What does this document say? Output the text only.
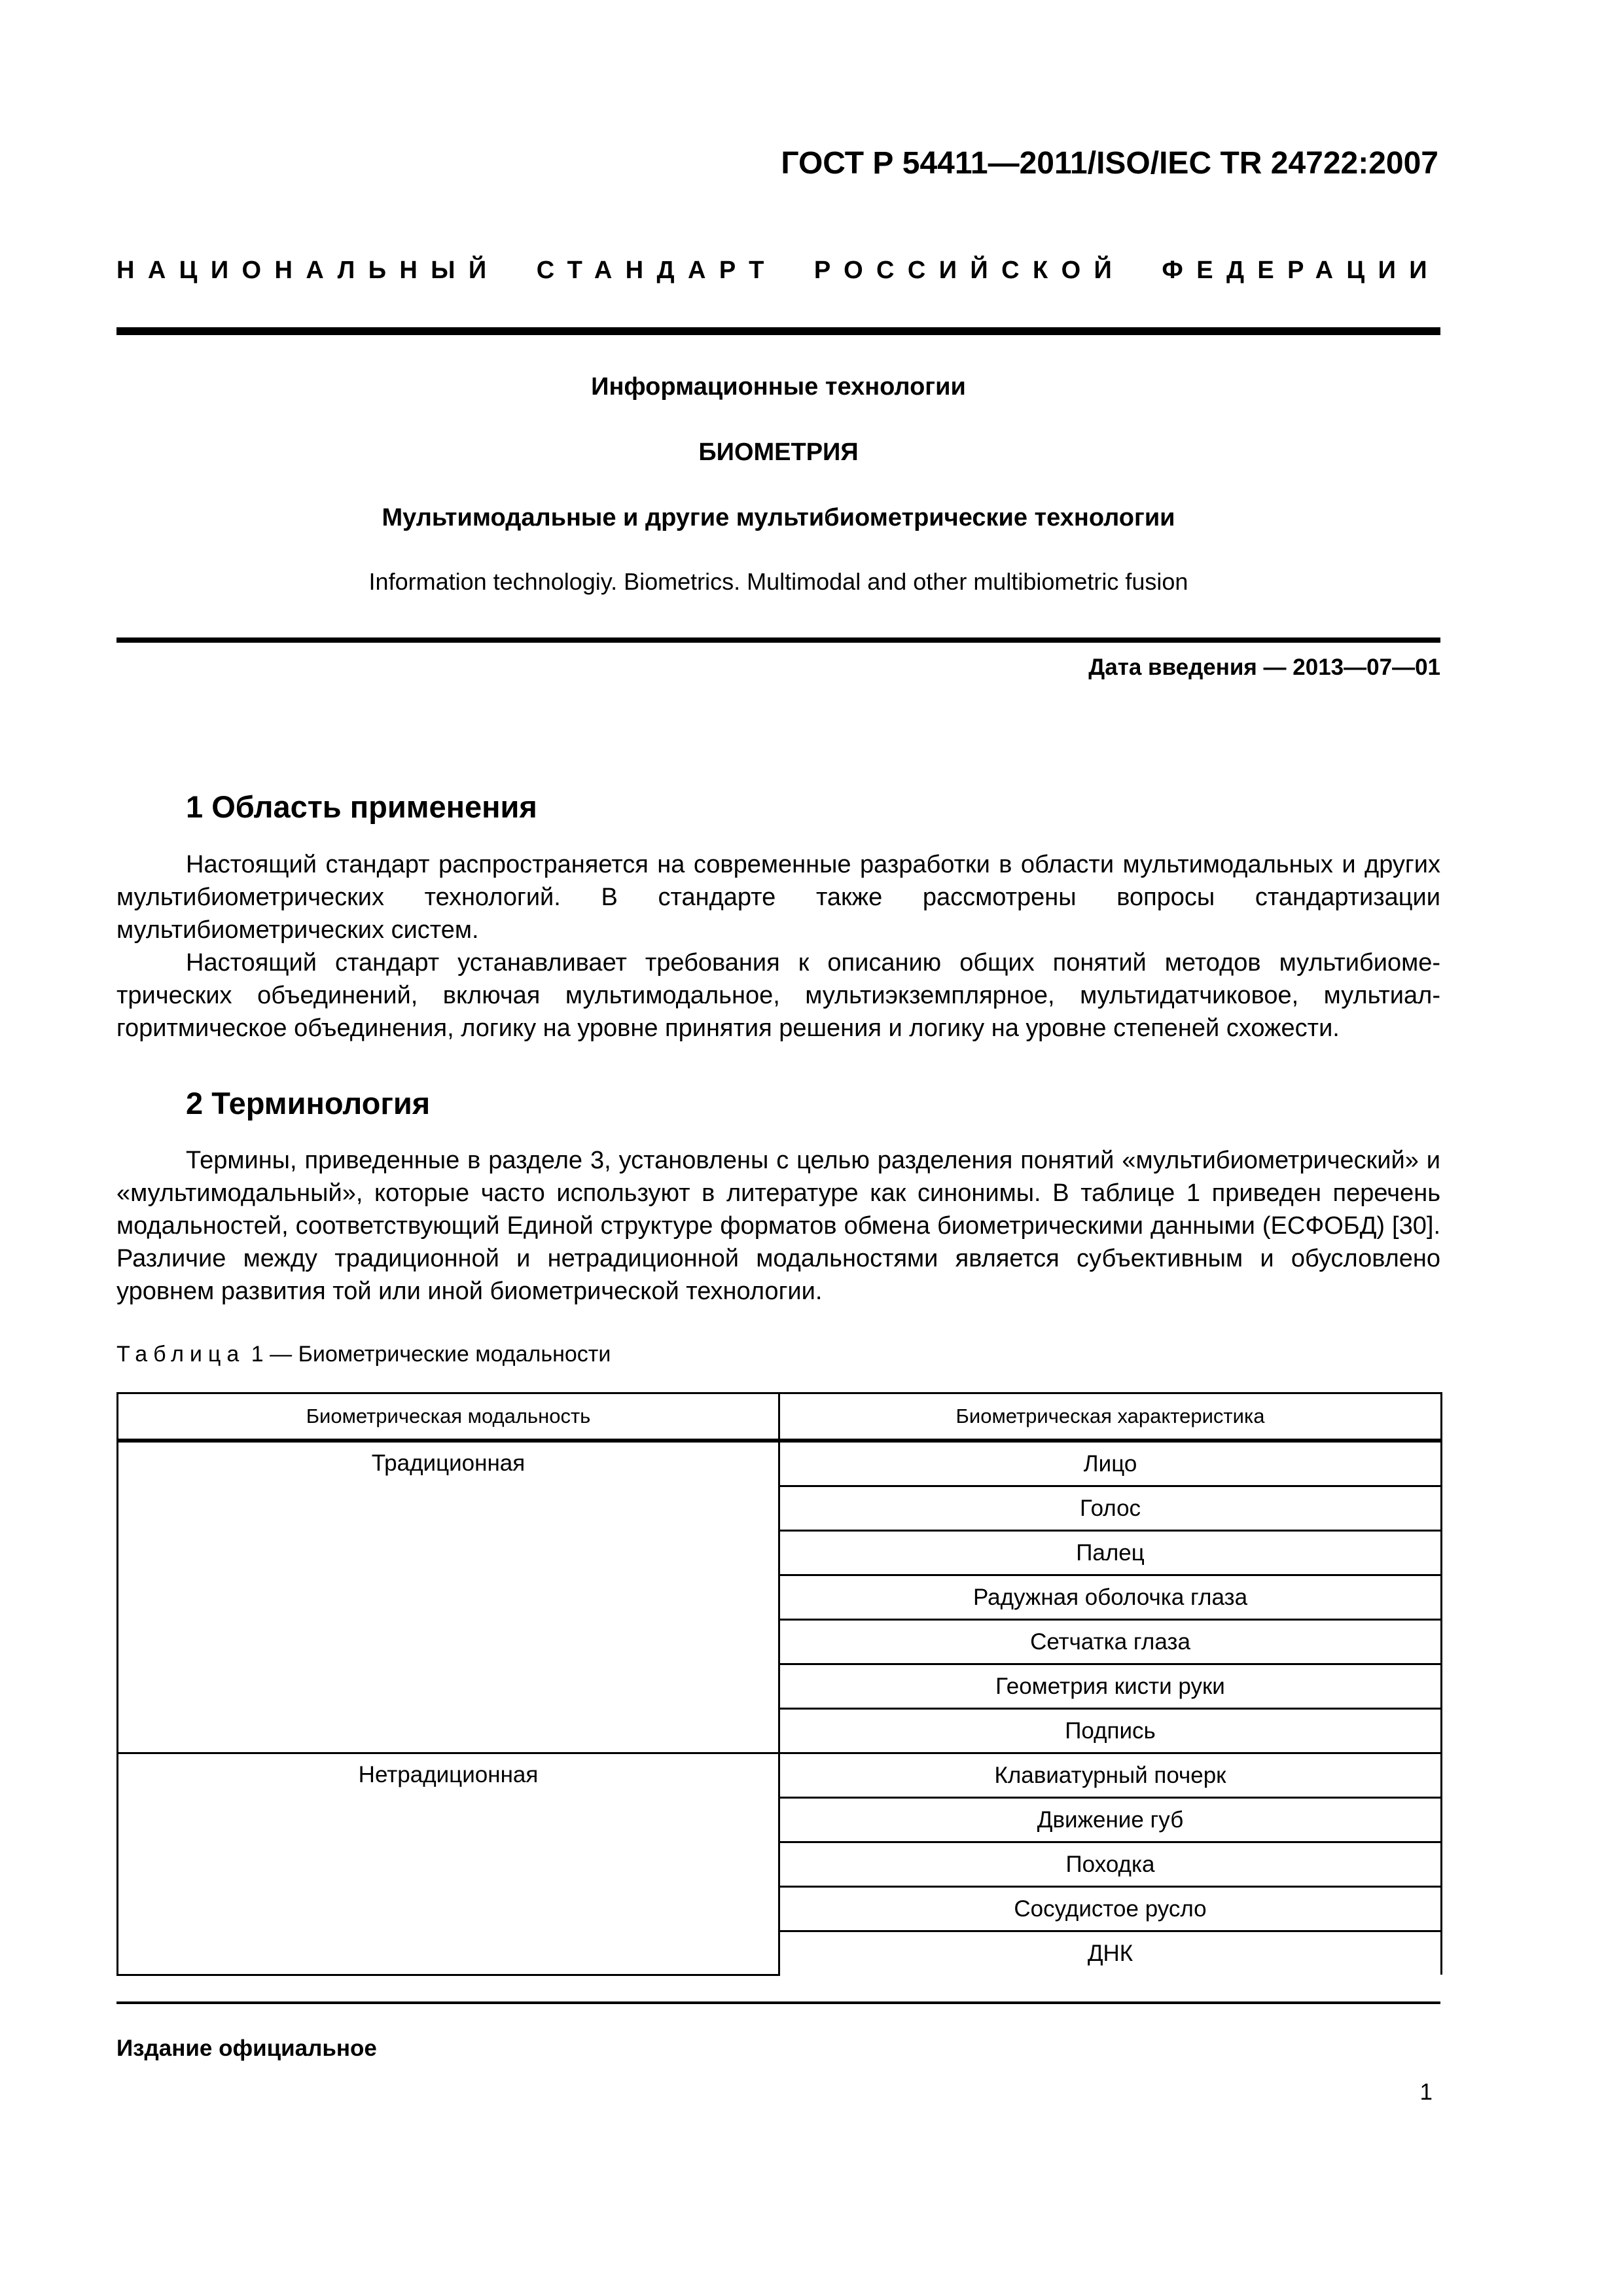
ГОСТ Р 54411—2011/ISO/IEC TR 24722:2007
НАЦИОНАЛЬНЫЙ СТАНДАРТ РОССИЙСКОЙ ФЕДЕРАЦИИ
Информационные технологии
БИОМЕТРИЯ
Мультимодальные и другие мультибиометрические технологии
Information technologiy. Biometrics. Multimodal and other multibiometric fusion
Дата введения — 2013—07—01
1 Область применения

Настоящий стандарт распространяется на современные разработки в области мультимодальных и других мультибиометрических технологий. В стандарте также рассмотрены вопросы стандартизации мультибиометрических систем.

Настоящий стандарт устанавливает требования к описанию общих понятий методов мультибиометрических объединений, включая мультимодальное, мультиэкземплярное, мультидатчиковое, мультиалгоритмическое объединения, логику на уровне принятия решения и логику на уровне степеней схожести.

2 Терминология

Термины, приведенные в разделе 3, установлены с целью разделения понятий «мультибиометрический» и «мультимодальный», которые часто используют в литературе как синонимы. В таблице 1 приведен перечень модальностей, соответствующий Единой структуре форматов обмена биометрическими данными (ЕСФОБД) [30]. Различие между традиционной и нетрадиционной модальностями является субъективным и обусловлено уровнем развития той или иной биометрической технологии.

Таблица 1 — Биометрические модальности
Биометрическая модальность	Биометрическая характеристика
Традиционная	Лицо
	Голос
	Палец
	Радужная оболочка глаза
	Сетчатка глаза
	Геометрия кисти руки
	Подпись
Нетрадиционная	Клавиатурный почерк
	Движение губ
	Походка
	Сосудистое русло
	ДНК
Издание официальное
1
